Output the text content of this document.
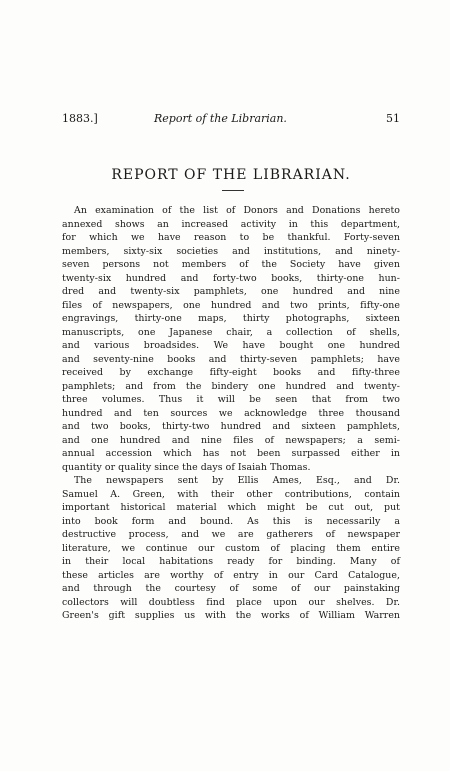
1883.]	Report of the Librarian.	51
REPORT OF THE LIBRARIAN.
An examination of the list of Donors and Donations hereto
annexed shows an increased activity in this department,
for which we have reason to be thankful. Forty-seven
members, sixty-six societies and institutions, and ninety-
seven persons not members of the Society have given
twenty-six hundred and forty-two books, thirty-one hun-
dred and twenty-six pamphlets, one hundred and nine
files of newspapers, one hundred and two prints, fifty-one
engravings, thirty-one maps, thirty photographs, sixteen
manuscripts, one Japanese chair, a collection of shells,
and various broadsides. We have bought one hundred
and seventy-nine books and thirty-seven pamphlets; have
received by exchange fifty-eight books and fifty-three
pamphlets; and from the bindery one hundred and twenty-
three volumes. Thus it will be seen that from two
hundred and ten sources we acknowledge three thousand
and two books, thirty-two hundred and sixteen pamphlets,
and one hundred and nine files of newspapers; a semi-
annual accession which has not been surpassed either in
quantity or quality since the days of Isaiah Thomas.
The newspapers sent by Ellis Ames, Esq., and Dr.
Samuel A. Green, with their other contributions, contain
important historical material which might be cut out, put
into book form and bound. As this is necessarily a
destructive process, and we are gatherers of newspaper
literature, we continue our custom of placing them entire
in their local habitations ready for binding. Many of
these articles are worthy of entry in our Card Catalogue,
and through the courtesy of some of our painstaking
collectors will doubtless find place upon our shelves. Dr.
Green's gift supplies us with the works of William Warren
